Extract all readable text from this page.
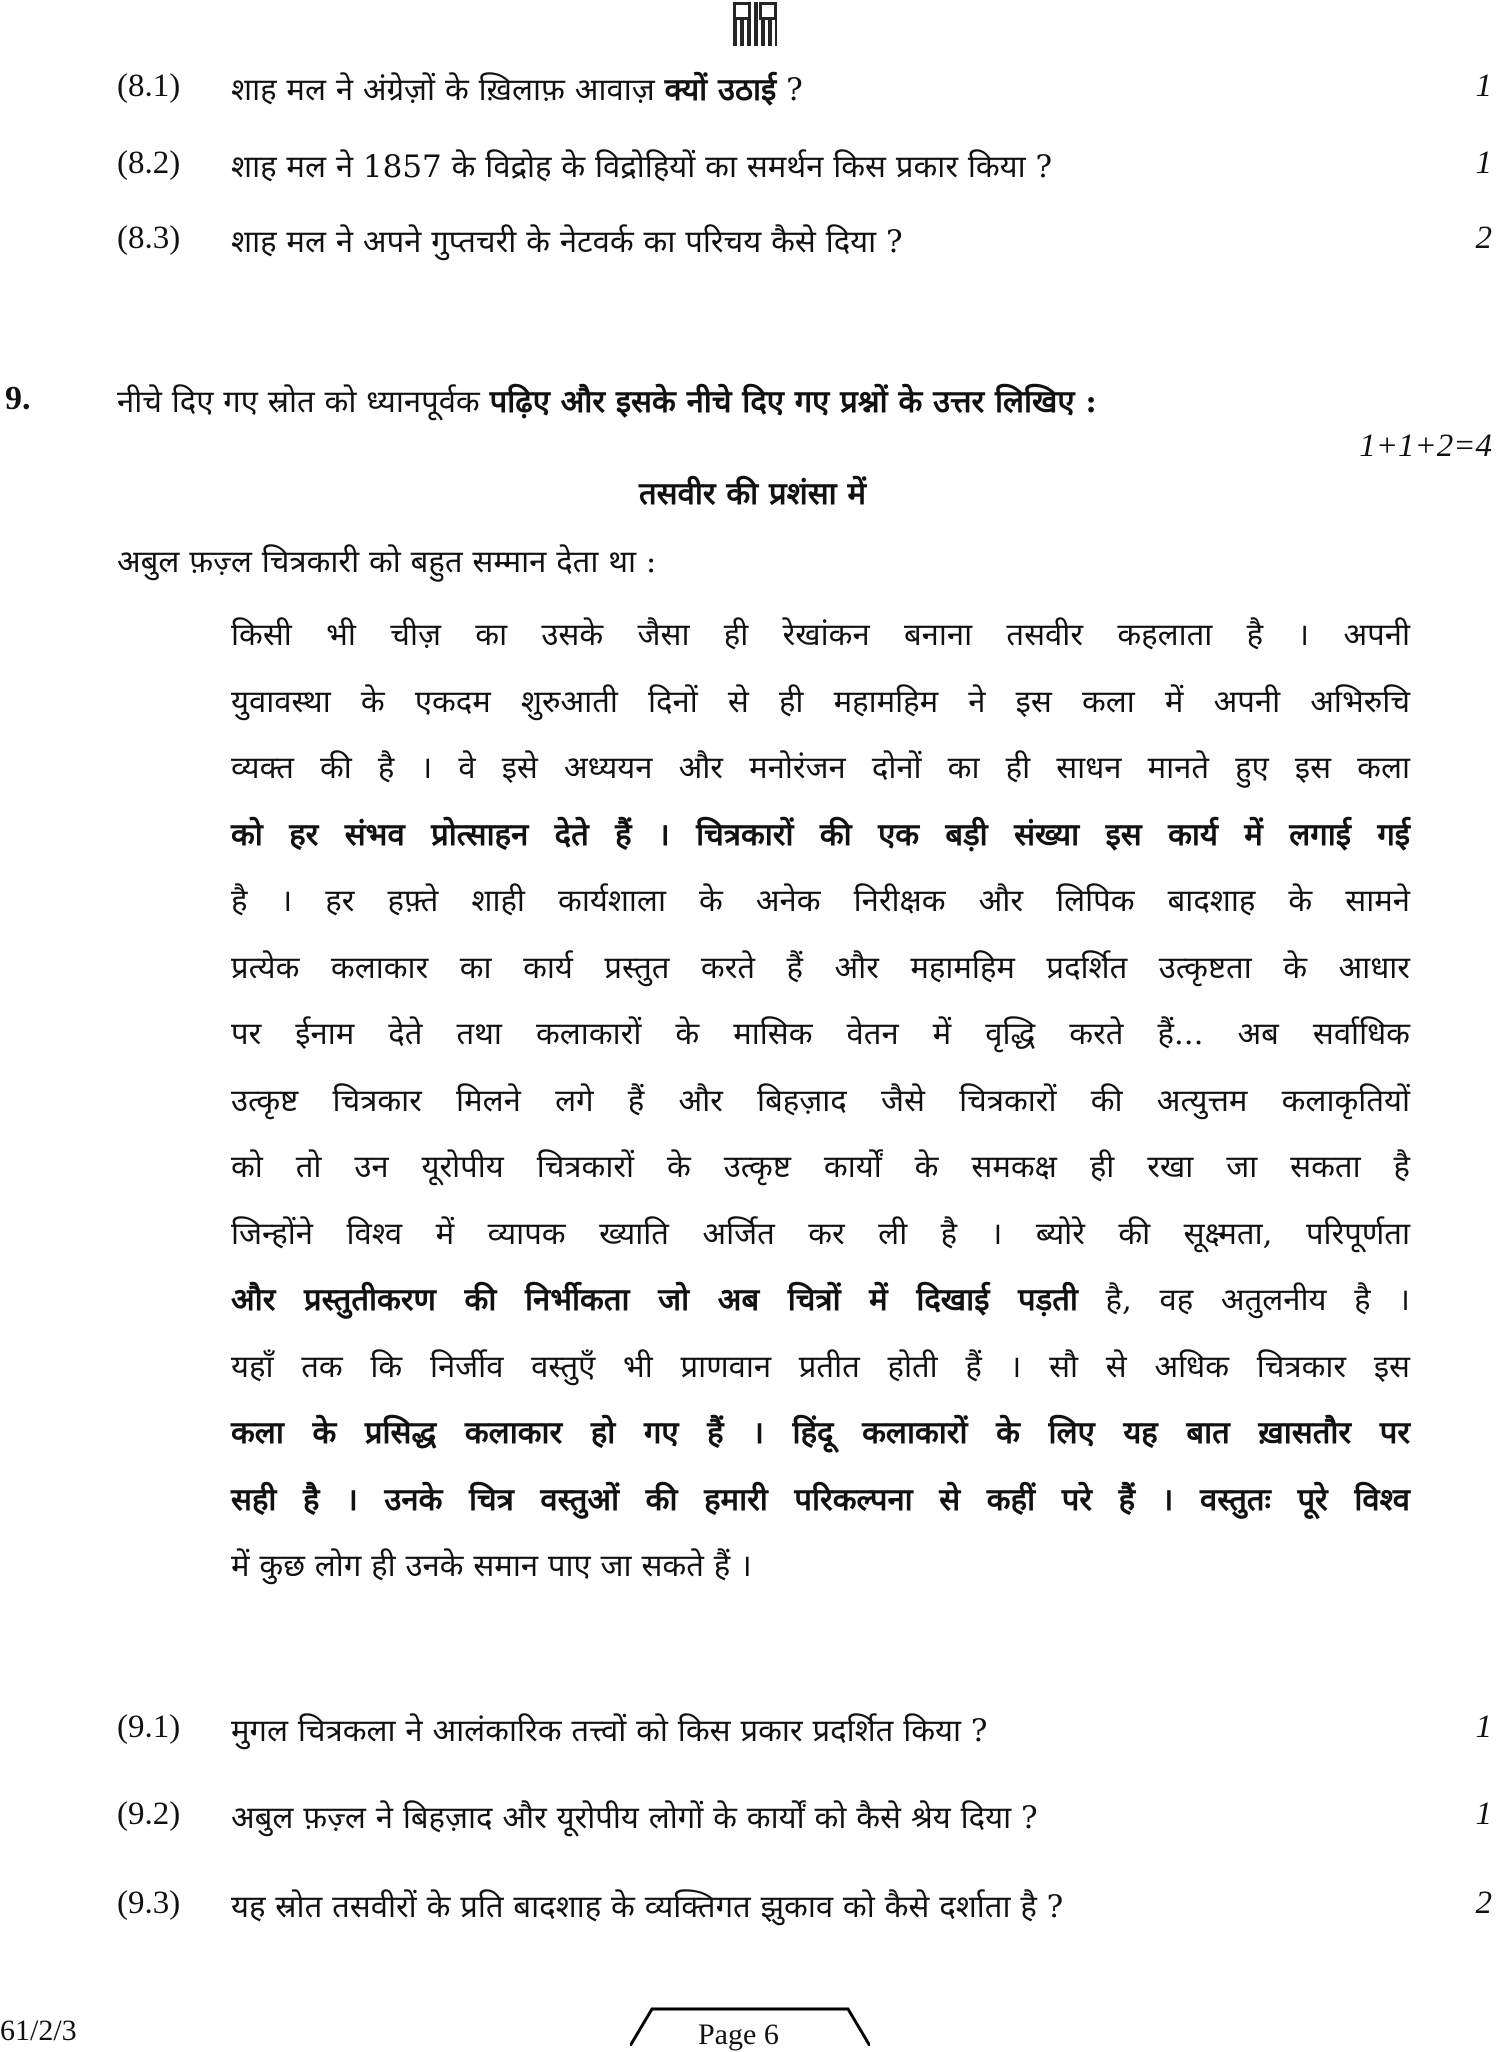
(8.1) शाह मल ने अंग्रेज़ों के ख़िलाफ़ आवाज़ क्यों उठाई ?	1
(8.2) शाह मल ने 1857 के विद्रोह के विद्रोहियों का समर्थन किस प्रकार किया ?	1
(8.3) शाह मल ने अपने गुप्तचरी के नेटवर्क का परिचय कैसे दिया ?	2
9.	नीचे दिए गए स्रोत को ध्यानपूर्वक पढ़िए और इसके नीचे दिए गए प्रश्नों के उत्तर लिखिए :
1+1+2=4
तसवीर की प्रशंसा में
अबुल फ़ज़्ल चित्रकारी को बहुत सम्मान देता था :
किसी भी चीज़ का उसके जैसा ही रेखांकन बनाना तसवीर कहलाता है । अपनी
युवावस्था के एकदम शुरुआती दिनों से ही महामहिम ने इस कला में अपनी अभिरुचि
व्यक्त की है । वे इसे अध्ययन और मनोरंजन दोनों का ही साधन मानते हुए इस कला
को हर संभव प्रोत्साहन देते हैं । चित्रकारों की एक बड़ी संख्या इस कार्य में लगाई गई
है । हर हफ़्ते शाही कार्यशाला के अनेक निरीक्षक और लिपिक बादशाह के सामने
प्रत्येक कलाकार का कार्य प्रस्तुत करते हैं और महामहिम प्रदर्शित उत्कृष्टता के आधार
पर ईनाम देते तथा कलाकारों के मासिक वेतन में वृद्धि करते हैं... अब सर्वाधिक
उत्कृष्ट चित्रकार मिलने लगे हैं और बिहज़ाद जैसे चित्रकारों की अत्युत्तम कलाकृतियों
को तो उन यूरोपीय चित्रकारों के उत्कृष्ट कार्यों के समकक्ष ही रखा जा सकता है
जिन्होंने विश्व में व्यापक ख्याति अर्जित कर ली है । ब्योरे की सूक्ष्मता, परिपूर्णता
और प्रस्तुतीकरण की निर्भीकता जो अब चित्रों में दिखाई पड़ती है, वह अतुलनीय है ।
यहाँ तक कि निर्जीव वस्तुएँ भी प्राणवान प्रतीत होती हैं । सौ से अधिक चित्रकार इस
कला के प्रसिद्ध कलाकार हो गए हैं । हिंदू कलाकारों के लिए यह बात ख़ासतौर पर
सही है । उनके चित्र वस्तुओं की हमारी परिकल्पना से कहीं परे हैं । वस्तुतः पूरे विश्व
में कुछ लोग ही उनके समान पाए जा सकते हैं ।
(9.1) मुगल चित्रकला ने आलंकारिक तत्त्वों को किस प्रकार प्रदर्शित किया ?	1
(9.2) अबुल फ़ज़्ल ने बिहज़ाद और यूरोपीय लोगों के कार्यों को कैसे श्रेय दिया ?	1
(9.3) यह स्रोत तसवीरों के प्रति बादशाह के व्यक्तिगत झुकाव को कैसे दर्शाता है ?	2
61/2/3	Page 6
